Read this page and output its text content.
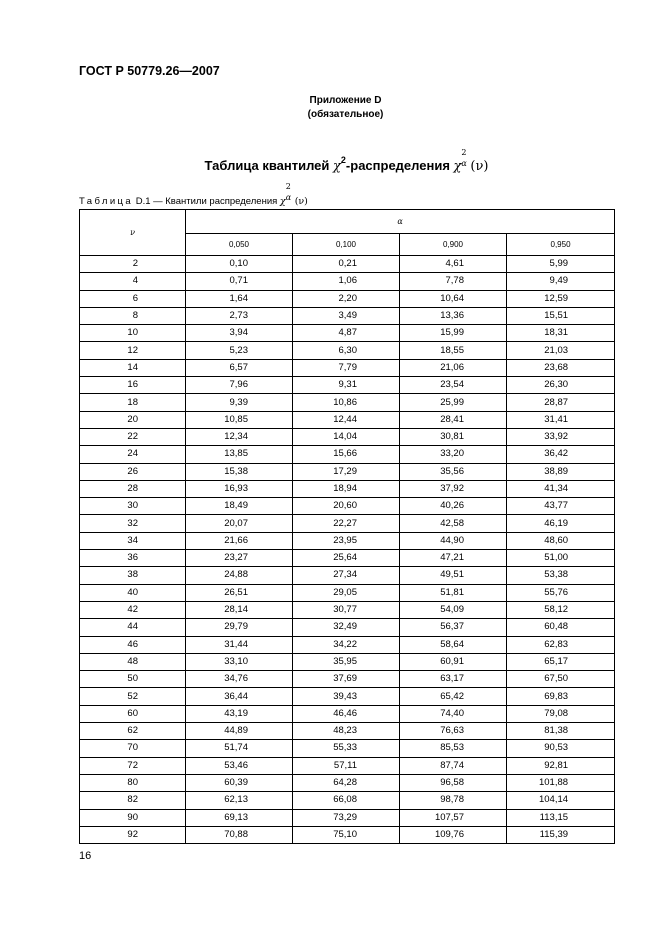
ГОСТ Р 50779.26—2007
Приложение D
(обязательное)
Таблица квантилей $\chi^2$-распределения χ
2
α (ν)
Таблица D.1 — Квантили распределения χ
2
α (ν)
ν	α			
	0,050	0,100	0,900	0,950
2	0,10	0,21	4,61	5,99
4	0,71	1,06	7,78	9,49
6	1,64	2,20	10,64	12,59
8	2,73	3,49	13,36	15,51
10	3,94	4,87	15,99	18,31
12	5,23	6,30	18,55	21,03
14	6,57	7,79	21,06	23,68
16	7,96	9,31	23,54	26,30
18	9,39	10,86	25,99	28,87
20	10,85	12,44	28,41	31,41
22	12,34	14,04	30,81	33,92
24	13,85	15,66	33,20	36,42
26	15,38	17,29	35,56	38,89
28	16,93	18,94	37,92	41,34
30	18,49	20,60	40,26	43,77
32	20,07	22,27	42,58	46,19
34	21,66	23,95	44,90	48,60
36	23,27	25,64	47,21	51,00
38	24,88	27,34	49,51	53,38
40	26,51	29,05	51,81	55,76
42	28,14	30,77	54,09	58,12
44	29,79	32,49	56,37	60,48
46	31,44	34,22	58,64	62,83
48	33,10	35,95	60,91	65,17
50	34,76	37,69	63,17	67,50
52	36,44	39,43	65,42	69,83
60	43,19	46,46	74,40	79,08
62	44,89	48,23	76,63	81,38
70	51,74	55,33	85,53	90,53
72	53,46	57,11	87,74	92,81
80	60,39	64,28	96,58	101,88
82	62,13	66,08	98,78	104,14
90	69,13	73,29	107,57	113,15
92	70,88	75,10	109,76	115,39
16
